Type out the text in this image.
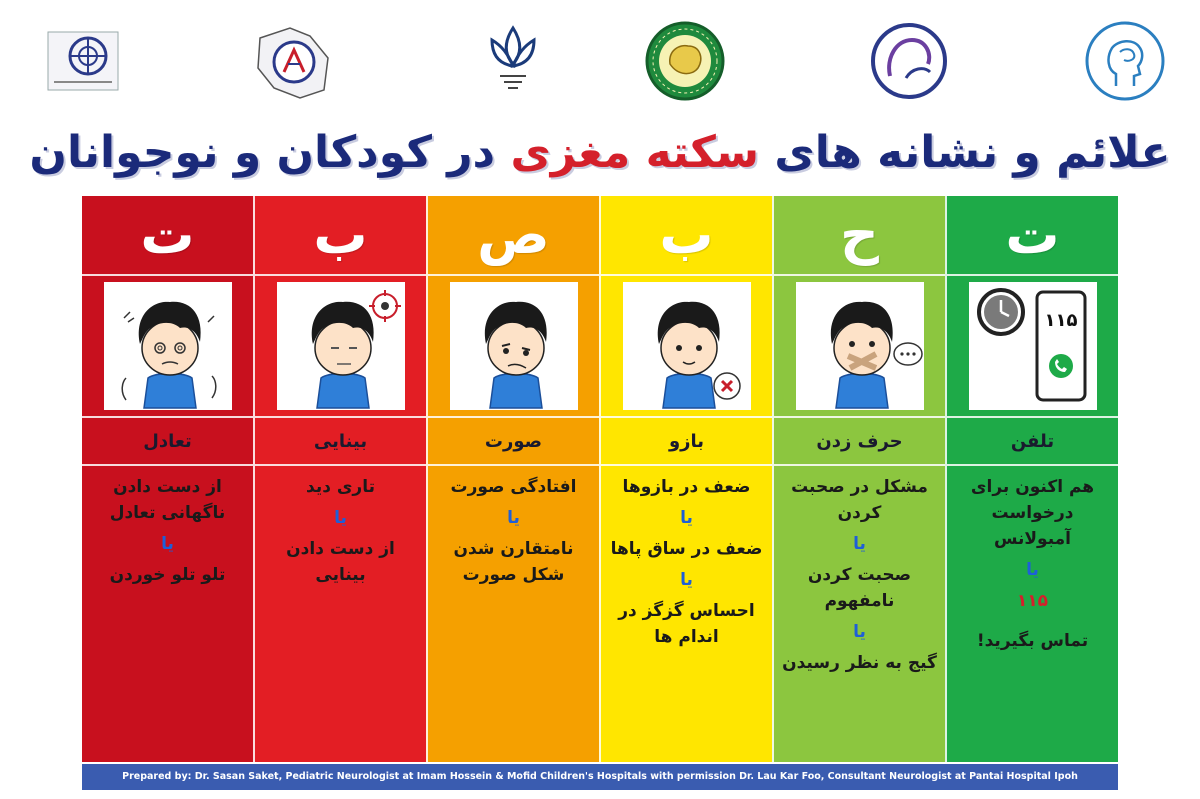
علائم و نشانه های سکته مغزی در کودکان و نوجوانان
ت
تعادل
از دست دادن
ناگهانی تعادل
یا
تلو تلو خوردن
ب
بینایی
تاری دید
یا
از دست دادن
بینایی
ص
صورت
افتادگی صورت
یا
نامتقارن شدن
شکل صورت
ب
بازو
ضعف در بازوها
یا
ضعف در ساق پاها
یا
احساس گزگز در
اندام ها
ح
حرف زدن
مشکل در صحبت
کردن
یا
صحبت کردن
نامفهوم
یا
گیج به نظر رسیدن
ت
۱۱۵
تلفن
هم اکنون برای
درخواست
آمبولانس
یا
۱۱۵
تماس بگیرید!
Prepared by: Dr. Sasan Saket, Pediatric Neurologist at Imam Hossein & Mofid Children's Hospitals with permission Dr. Lau Kar Foo, Consultant Neurologist at Pantai Hospital Ipoh
